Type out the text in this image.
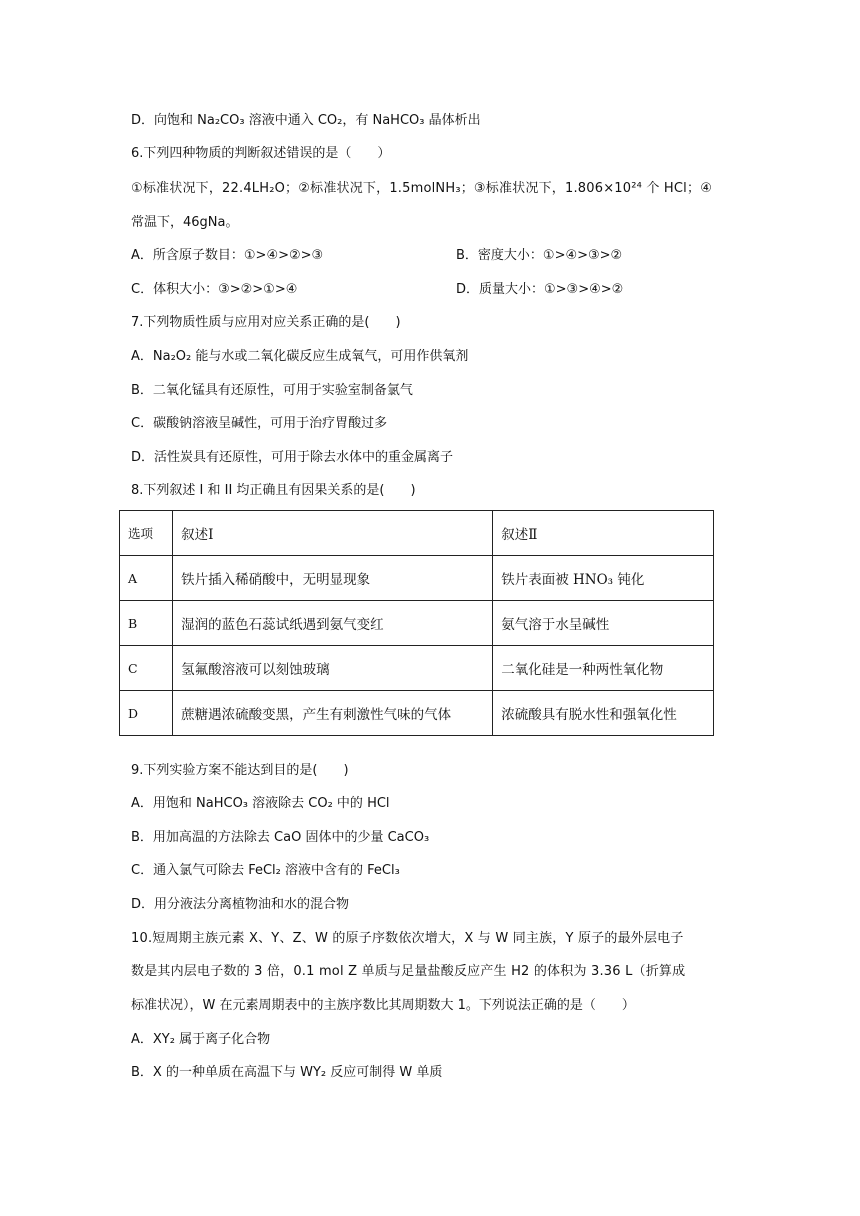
D．向饱和 Na₂CO₃ 溶液中通入 CO₂，有 NaHCO₃ 晶体析出
6.下列四种物质的判断叙述错误的是（　　）
①标准状况下，22.4LH₂O；②标准状况下，1.5molNH₃；③标准状况下，1.806×10²⁴ 个 HCl；④
常温下，46gNa。
A．所含原子数目：①>④>②>③	B．密度大小：①>④>③>②
C．体积大小：③>②>①>④	D．质量大小：①>③>④>②
7.下列物质性质与应用对应关系正确的是(　　)
A．Na₂O₂ 能与水或二氧化碳反应生成氧气，可用作供氧剂
B．二氧化锰具有还原性，可用于实验室制备氯气
C．碳酸钠溶液呈碱性，可用于治疗胃酸过多
D．活性炭具有还原性，可用于除去水体中的重金属离子
8.下列叙述 I 和 II 均正确且有因果关系的是(　　)
选项	叙述Ⅰ	叙述Ⅱ
A	铁片插入稀硝酸中，无明显现象	铁片表面被 HNO₃ 钝化
B	湿润的蓝色石蕊试纸遇到氨气变红	氨气溶于水呈碱性
C	氢氟酸溶液可以刻蚀玻璃	二氧化硅是一种两性氧化物
D	蔗糖遇浓硫酸变黑，产生有刺激性气味的气体	浓硫酸具有脱水性和强氧化性
9.下列实验方案不能达到目的是(　　)
A．用饱和 NaHCO₃ 溶液除去 CO₂ 中的 HCl
B．用加高温的方法除去 CaO 固体中的少量 CaCO₃
C．通入氯气可除去 FeCl₂ 溶液中含有的 FeCl₃
D．用分液法分离植物油和水的混合物
10.短周期主族元素 X、Y、Z、W 的原子序数依次增大，X 与 W 同主族，Y 原子的最外层电子
数是其内层电子数的 3 倍，0.1 mol Z 单质与足量盐酸反应产生 H2 的体积为 3.36 L（折算成
标准状况），W 在元素周期表中的主族序数比其周期数大 1。下列说法正确的是（　　）
A．XY₂ 属于离子化合物
B．X 的一种单质在高温下与 WY₂ 反应可制得 W 单质
